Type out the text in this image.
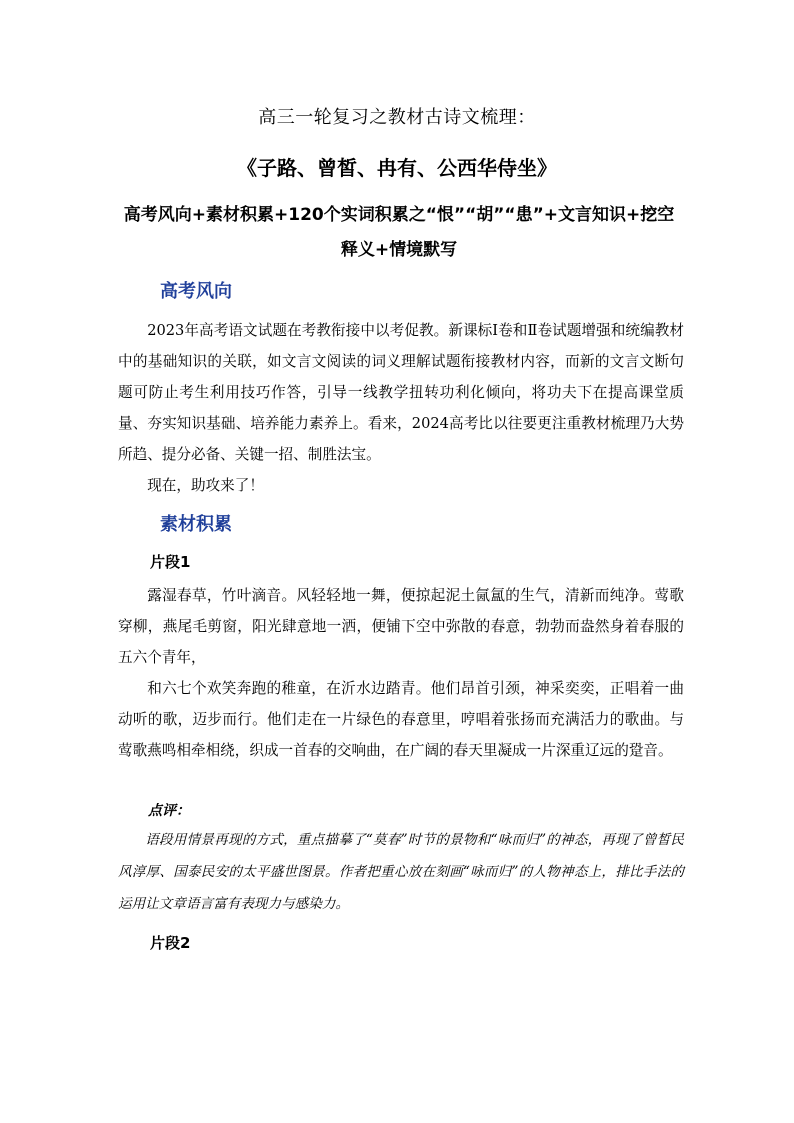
高三一轮复习之教材古诗文梳理：
《子路、曾皙、冉有、公西华侍坐》
高考风向+素材积累+120个实词积累之“恨”“胡”“患”+文言知识+挖空释义+情境默写
高考风向
2023年高考语文试题在考教衔接中以考促教。新课标Ⅰ卷和Ⅱ卷试题增强和统编教材中的基础知识的关联，如文言文阅读的词义理解试题衔接教材内容，而新的文言文断句题可防止考生利用技巧作答，引导一线教学扭转功利化倾向，将功夫下在提高课堂质量、夯实知识基础、培养能力素养上。看来，2024高考比以往要更注重教材梳理乃大势所趋、提分必备、关键一招、制胜法宝。
现在，助攻来了！
素材积累
片段1
露湿春草，竹叶滴音。风轻轻地一舞，便掠起泥土氤氲的生气，清新而纯净。莺歌穿柳，燕尾毛剪窗，阳光肆意地一洒，便铺下空中弥散的春意，勃勃而盎然身着春服的五六个青年，
和六七个欢笑奔跑的稚童，在沂水边踏青。他们昂首引颈，神采奕奕，正唱着一曲动听的歌，迈步而行。他们走在一片绿色的春意里，哼唱着张扬而充满活力的歌曲。与莺歌燕鸣相牵相绕，织成一首春的交响曲，在广阔的春天里凝成一片深重辽远的跫音。
点评：
语段用情景再现的方式，重点描摹了“莫春”时节的景物和“咏而归”的神态，再现了曾皙民风淳厚、国泰民安的太平盛世图景。作者把重心放在刻画“咏而归”的人物神态上，排比手法的运用让文章语言富有表现力与感染力。
片段2
